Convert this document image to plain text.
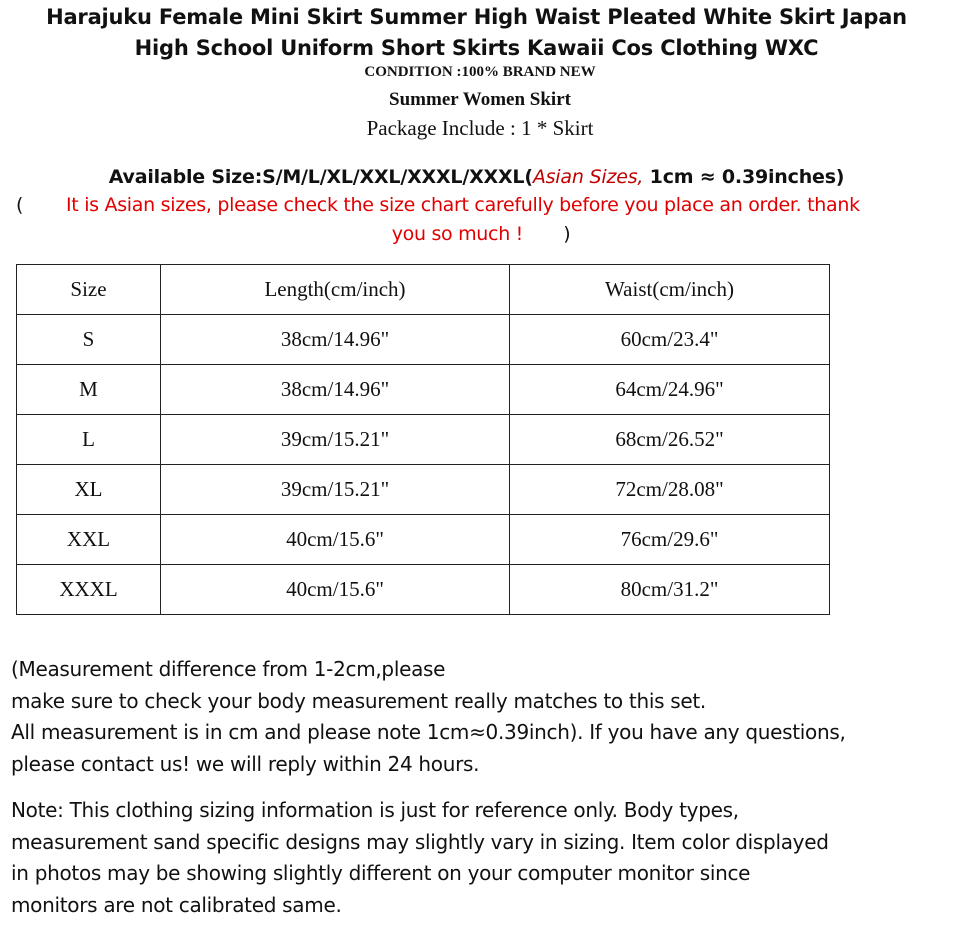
Harajuku Female Mini Skirt Summer High Waist Pleated White Skirt Japan
High School Uniform Short Skirts Kawaii Cos Clothing WXC
CONDITION :100% BRAND NEW
Summer Women Skirt
Package Include : 1 * Skirt
Available Size:S/M/L/XL/XXL/XXXL/XXXL(Asian Sizes, 1cm ≈ 0.39inches)
( It is Asian sizes, please check the size chart carefully before you place an order. thank
you so much ! )
Size	Length(cm/inch)	Waist(cm/inch)
S	38cm/14.96"	60cm/23.4"
M	38cm/14.96"	64cm/24.96"
L	39cm/15.21"	68cm/26.52"
XL	39cm/15.21"	72cm/28.08"
XXL	40cm/15.6"	76cm/29.6"
XXXL	40cm/15.6"	80cm/31.2"
(Measurement difference from 1-2cm,please
make sure to check your body measurement really matches to this set.
All measurement is in cm and please note 1cm≈0.39inch). If you have any questions,
please contact us! we will reply within 24 hours.
Note: This clothing sizing information is just for reference only. Body types,
measurement sand specific designs may slightly vary in sizing. Item color displayed
in photos may be showing slightly different on your computer monitor since
monitors are not calibrated same.
